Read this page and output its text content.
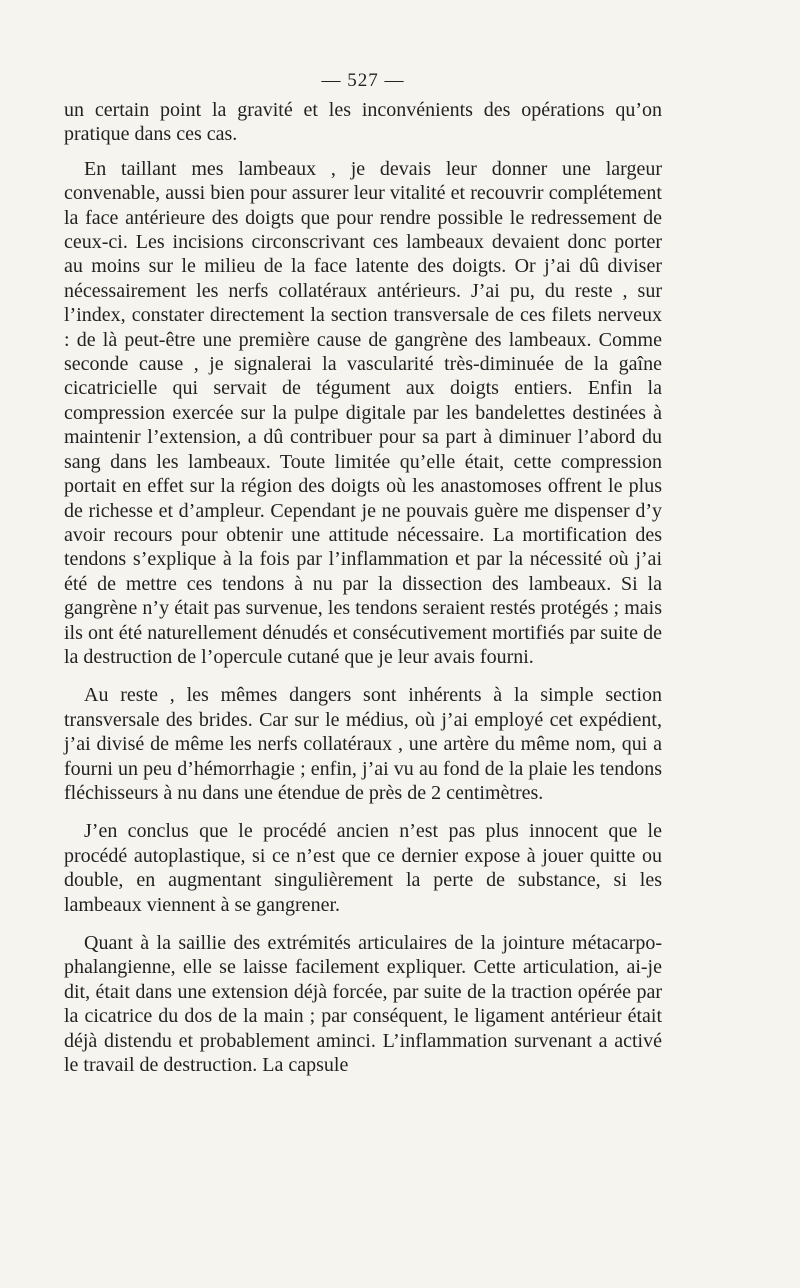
— 527 —

un certain point la gravité et les inconvénients des opérations qu’on pratique dans ces cas.

En taillant mes lambeaux , je devais leur donner une largeur convenable, aussi bien pour assurer leur vitalité et recouvrir complétement la face antérieure des doigts que pour rendre possible le redressement de ceux-ci. Les incisions circonscrivant ces lambeaux devaient donc porter au moins sur le milieu de la face latente des doigts. Or j’ai dû diviser nécessairement les nerfs collatéraux antérieurs. J’ai pu, du reste , sur l’index, constater directement la section transversale de ces filets nerveux : de là peut-être une première cause de gangrène des lambeaux. Comme seconde cause , je signalerai la vascularité très-diminuée de la gaîne cicatricielle qui servait de tégument aux doigts entiers. Enfin la compression exercée sur la pulpe digitale par les bandelettes destinées à maintenir l’extension, a dû contribuer pour sa part à diminuer l’abord du sang dans les lambeaux. Toute limitée qu’elle était, cette compression portait en effet sur la région des doigts où les anastomoses offrent le plus de richesse et d’ampleur. Cependant je ne pouvais guère me dispenser d’y avoir recours pour obtenir une attitude nécessaire. La mortification des tendons s’explique à la fois par l’inflammation et par la nécessité où j’ai été de mettre ces tendons à nu par la dissection des lambeaux. Si la gangrène n’y était pas survenue, les tendons seraient restés protégés ; mais ils ont été naturellement dénudés et consécutivement mortifiés par suite de la destruction de l’opercule cutané que je leur avais fourni.

Au reste , les mêmes dangers sont inhérents à la simple section transversale des brides. Car sur le médius, où j’ai employé cet expédient, j’ai divisé de même les nerfs collatéraux , une artère du même nom, qui a fourni un peu d’hémorrhagie ; enfin, j’ai vu au fond de la plaie les tendons fléchisseurs à nu dans une étendue de près de 2 centimètres.

J’en conclus que le procédé ancien n’est pas plus innocent que le procédé autoplastique, si ce n’est que ce dernier expose à jouer quitte ou double, en augmentant singulièrement la perte de substance, si les lambeaux viennent à se gangrener.

Quant à la saillie des extrémités articulaires de la jointure métacarpo-phalangienne, elle se laisse facilement expliquer. Cette articulation, ai-je dit, était dans une extension déjà forcée, par suite de la traction opérée par la cicatrice du dos de la main ; par conséquent, le ligament antérieur était déjà distendu et probablement aminci. L’inflammation survenant a activé le travail de destruction. La capsule
